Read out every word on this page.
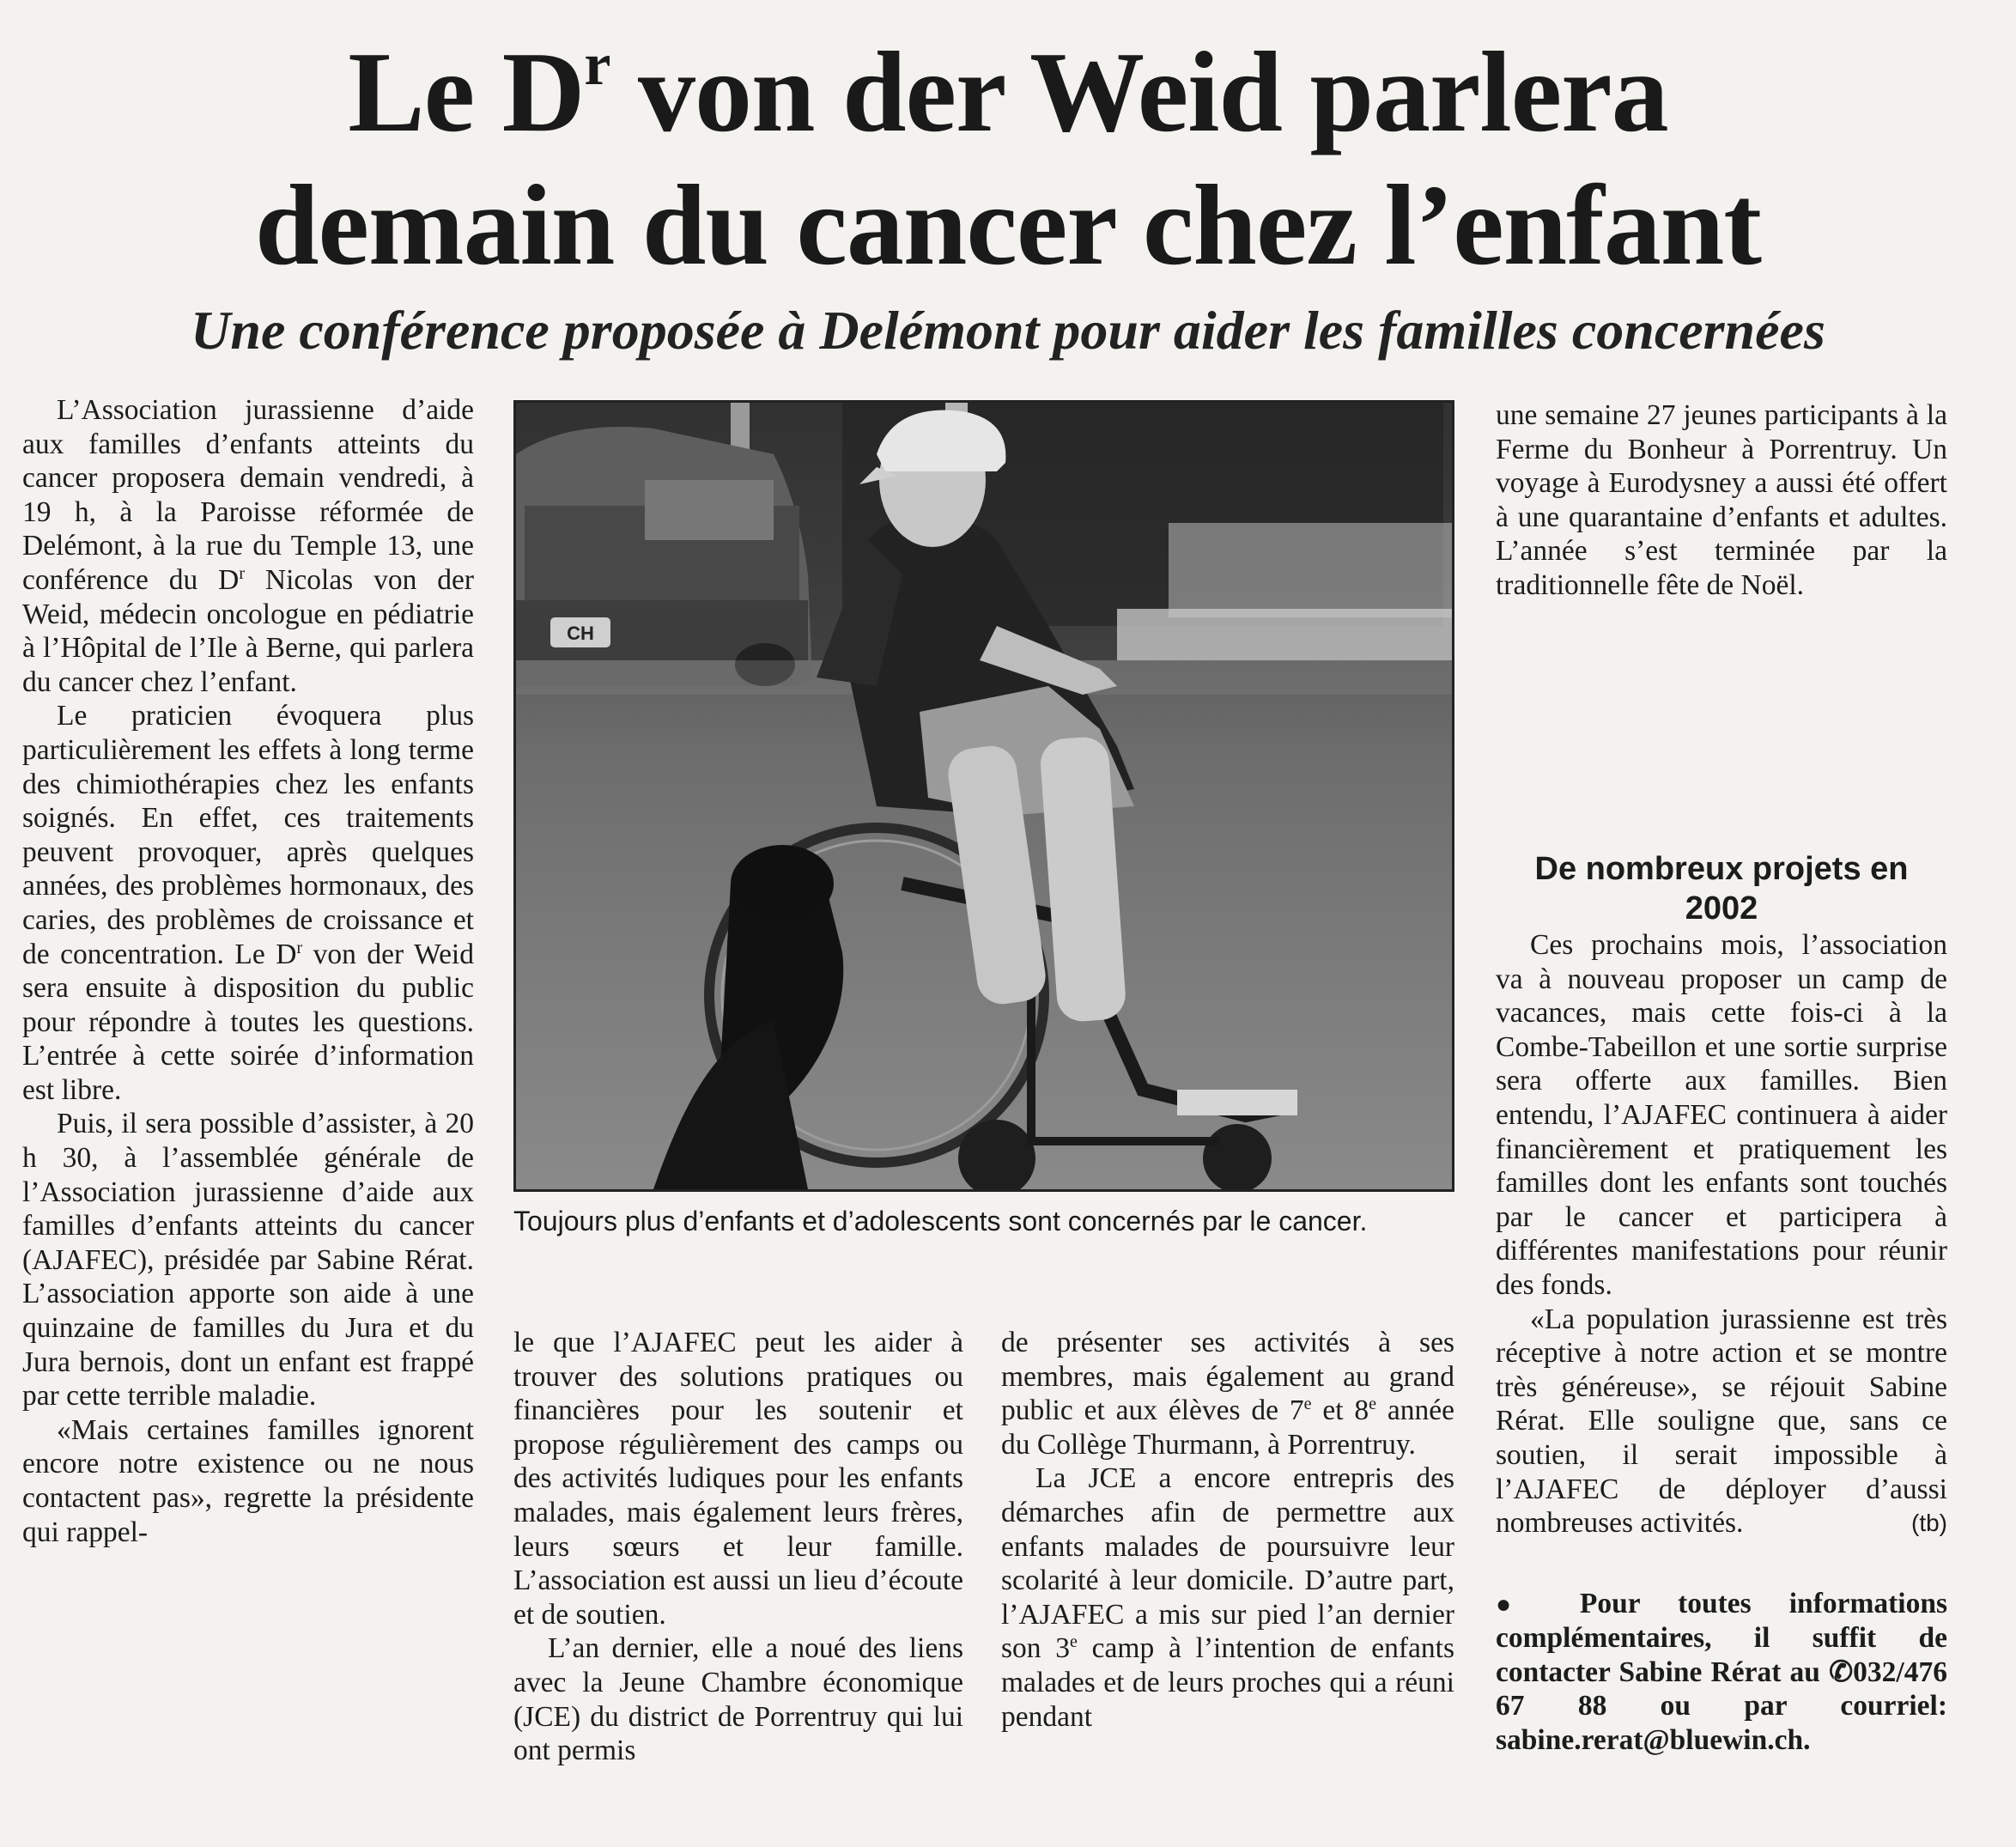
Le $D^r$ von der Weid parlera
demain du cancer chez l’enfant
Une conférence proposée à Delémont pour aider les familles concernées

L’Association jurassienne d’aide aux familles d’enfants atteints du cancer proposera demain vendredi, à 19 h, à la Paroisse réformée de Delémont, à la rue du Temple 13, une conférence du $D^r$ Nicolas von der Weid, médecin oncologue en pédiatrie à l’Hôpital de l’Ile à Berne, qui parlera du cancer chez l’enfant.

Le praticien évoquera plus particulièrement les effets à long terme des chimiothérapies chez les enfants soignés. En effet, ces traitements peuvent provoquer, après quelques années, des problèmes hormonaux, des caries, des problèmes de croissance et de concentration. Le $D^r$ von der Weid sera ensuite à disposition du public pour répondre à toutes les questions. L’entrée à cette soirée d’information est libre.

Puis, il sera possible d’assister, à 20 h 30, à l’assemblée générale de l’Association jurassienne d’aide aux familles d’enfants atteints du cancer (AJAFEC), présidée par Sabine Rérat. L’association apporte son aide à une quinzaine de familles du Jura et du Jura bernois, dont un enfant est frappé par cette terrible maladie.

«Mais certaines familles ignorent encore notre existence ou ne nous contactent pas», regrette la présidente qui rappel-

CH

Toujours plus d’enfants et d’adolescents sont concernés par le cancer.

le que l’AJAFEC peut les aider à trouver des solutions pratiques ou financières pour les soutenir et propose régulièrement des camps ou des activités ludiques pour les enfants malades, mais également leurs frères, leurs sœurs et leur famille. L’association est aussi un lieu d’écoute et de soutien.

L’an dernier, elle a noué des liens avec la Jeune Chambre économique (JCE) du district de Porrentruy qui lui ont permis

de présenter ses activités à ses membres, mais également au grand public et aux élèves de 7e et 8e année du Collège Thurmann, à Porrentruy.

La JCE a encore entrepris des démarches afin de permettre aux enfants malades de poursuivre leur scolarité à leur domicile. D’autre part, l’AJAFEC a mis sur pied l’an dernier son 3e camp à l’intention de enfants malades et de leurs proches qui a réuni pendant

une semaine 27 jeunes participants à la Ferme du Bonheur à Porrentruy. Un voyage à Eurodysney a aussi été offert à une quarantaine d’enfants et adultes. L’année s’est terminée par la traditionnelle fête de Noël.

De nombreux projets en 2002

Ces prochains mois, l’association va à nouveau proposer un camp de vacances, mais cette fois-ci à la Combe-Tabeillon et une sortie surprise sera offerte aux familles. Bien entendu, l’AJAFEC continuera à aider financièrement et pratiquement les familles dont les enfants sont touchés par le cancer et participera à différentes manifestations pour réunir des fonds.

«La population jurassienne est très réceptive à notre action et se montre très généreuse», se réjouit Sabine Rérat. Elle souligne que, sans ce soutien, il serait impossible à l’AJAFEC de déployer d’aussi nombreuses activités.	(tb)

● Pour toutes informations complémentaires, il suffit de contacter Sabine Rérat au ✆032/476 67 88 ou par courriel: sabine.rerat@bluewin.ch.
